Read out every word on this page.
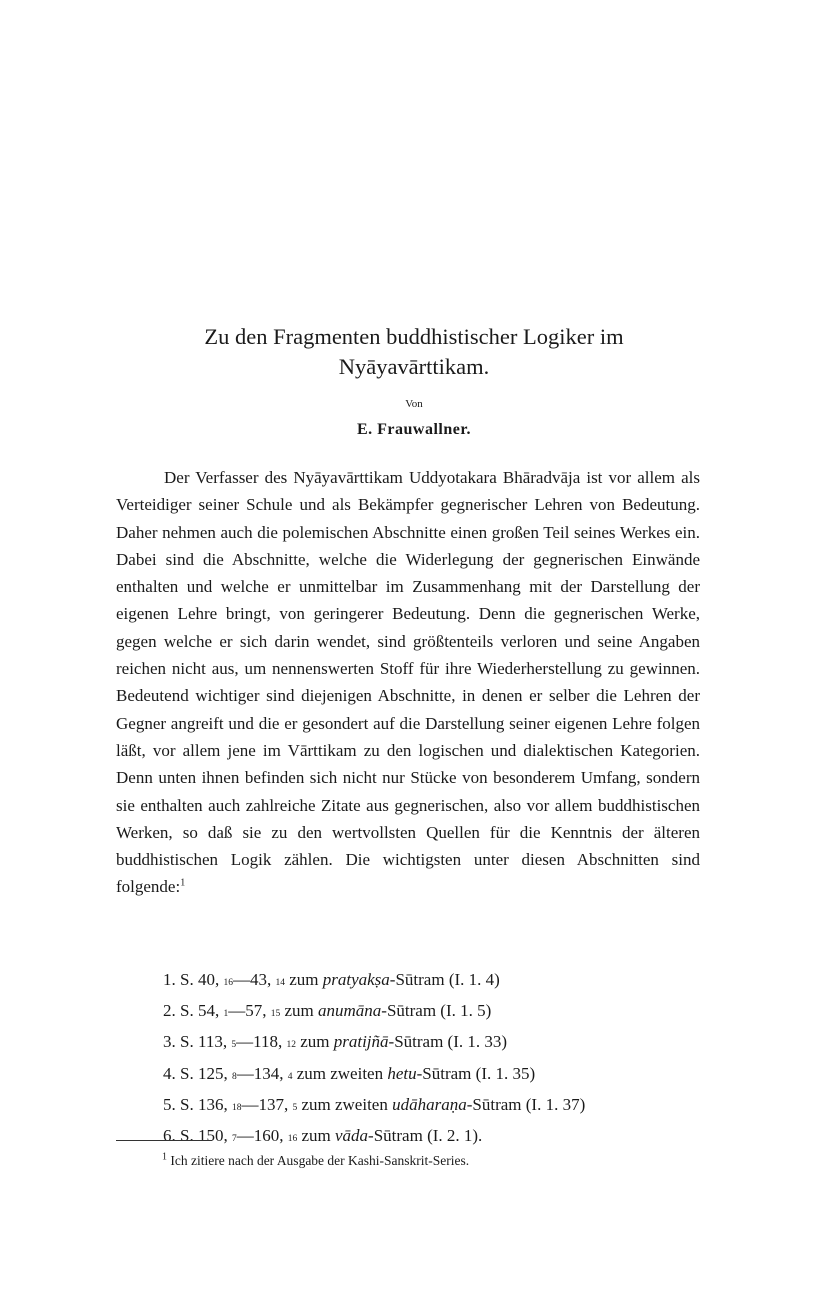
Zu den Fragmenten buddhistischer Logiker im
Nyāyavārttikam.
Von
E. Frauwallner.

Der Verfasser des Nyāyavārttikam Uddyotakara Bhāradvāja ist vor allem als Verteidiger seiner Schule und als Bekämpfer gegnerischer Lehren von Bedeutung. Daher nehmen auch die polemischen Abschnitte einen großen Teil seines Werkes ein. Dabei sind die Abschnitte, welche die Widerlegung der gegnerischen Einwände enthalten und welche er unmittelbar im Zusammenhang mit der Darstellung der eigenen Lehre bringt, von geringerer Bedeutung. Denn die gegnerischen Werke, gegen welche er sich darin wendet, sind größtenteils verloren und seine Angaben reichen nicht aus, um nennenswerten Stoff für ihre Wiederherstellung zu gewinnen. Bedeutend wichtiger sind diejenigen Abschnitte, in denen er selber die Lehren der Gegner angreift und die er gesondert auf die Darstellung seiner eigenen Lehre folgen läßt, vor allem jene im Vārttikam zu den logischen und dialektischen Kategorien. Denn unten ihnen befinden sich nicht nur Stücke von besonderem Umfang, sondern sie enthalten auch zahlreiche Zitate aus gegnerischen, also vor allem buddhistischen Werken, so daß sie zu den wertvollsten Quellen für die Kenntnis der älteren buddhistischen Logik zählen. Die wichtigsten unter diesen Abschnitten sind folgende:$^1$

1. S. 40, 16—43, 14 zum pratyakṣa-Sūtram (I. 1. 4)
2. S. 54, 1—57, 15 zum anumāna-Sūtram (I. 1. 5)
3. S. 113, 5—118, 12 zum pratijñā-Sūtram (I. 1. 33)
4. S. 125, 8—134, 4 zum zweiten hetu-Sūtram (I. 1. 35)
5. S. 136, 18—137, 5 zum zweiten udāharaṇa-Sūtram (I. 1. 37)
6. S. 150, 7—160, 16 zum vāda-Sūtram (I. 2. 1).
$^1$ Ich zitiere nach der Ausgabe der Kashi-Sanskrit-Series.
